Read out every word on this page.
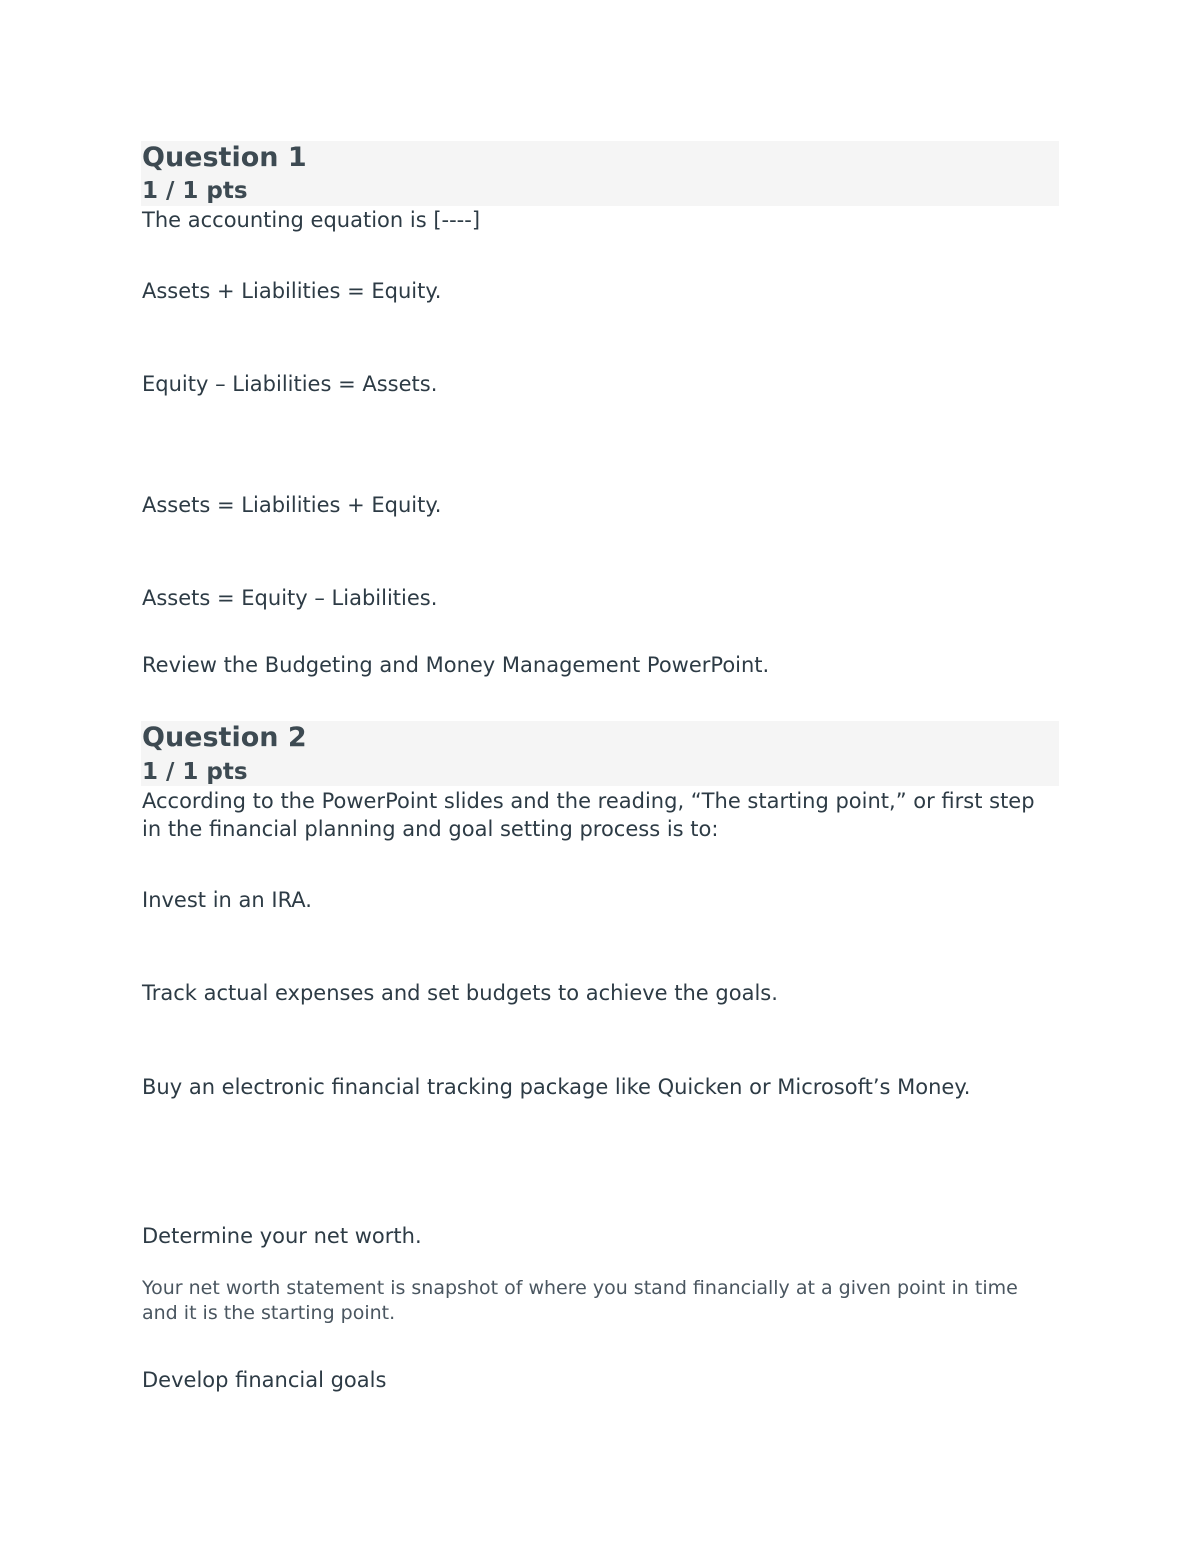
Question 1
1 / 1 pts
The accounting equation is [----]
Assets + Liabilities = Equity.
Equity – Liabilities = Assets.
Assets = Liabilities + Equity.
Assets = Equity – Liabilities.
Review the Budgeting and Money Management PowerPoint.
Question 2
1 / 1 pts
According to the PowerPoint slides and the reading, “The starting point,” or first step in the financial planning and goal setting process is to:
Invest in an IRA.
Track actual expenses and set budgets to achieve the goals.
Buy an electronic financial tracking package like Quicken or Microsoft’s Money.
Determine your net worth.
Your net worth statement is snapshot of where you stand financially at a given point in time and it is the starting point.
Develop financial goals
